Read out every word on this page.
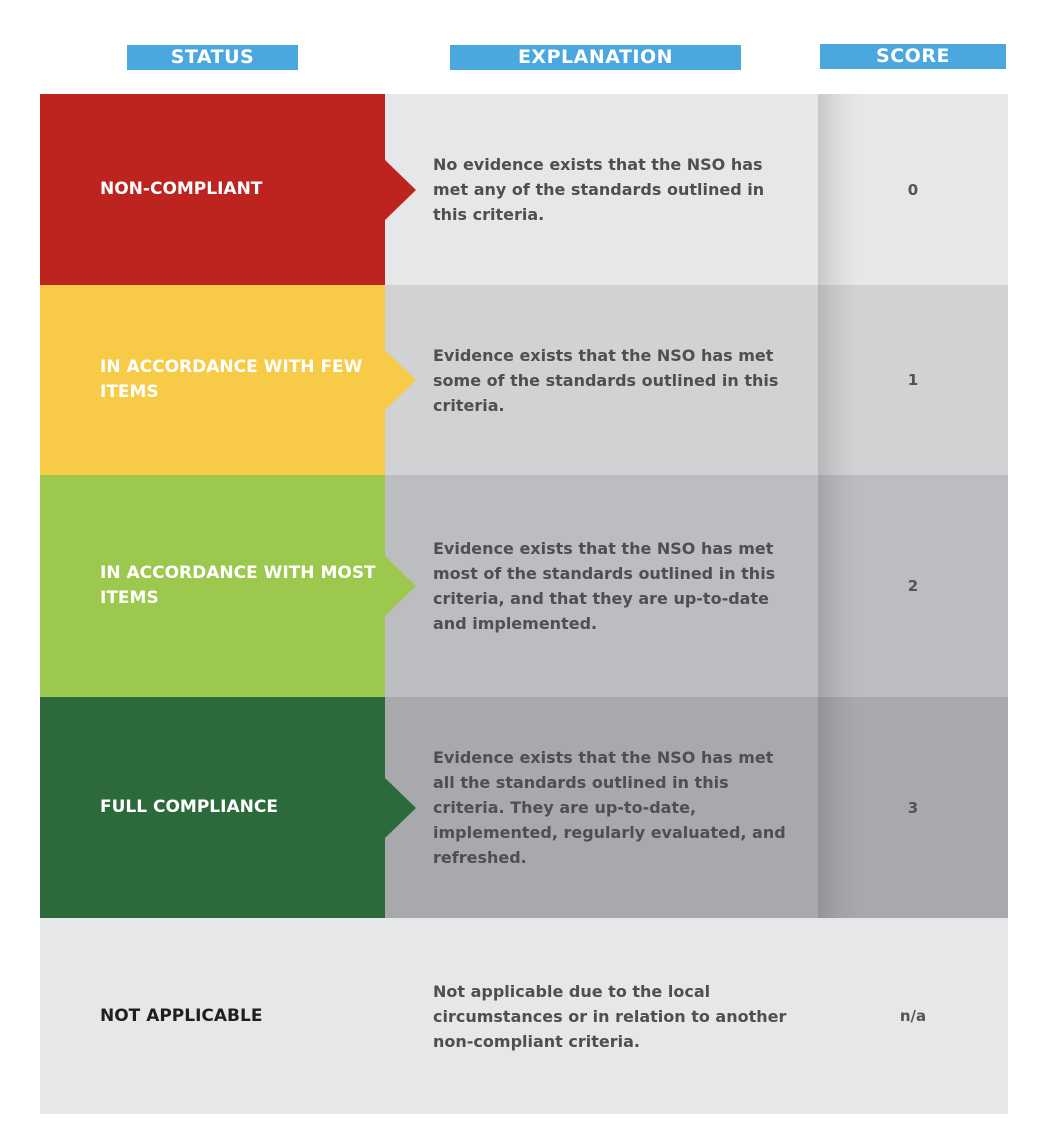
STATUS	EXPLANATION	SCORE
No evidence exists that the NSO has met any of the standards outlined in this criteria.
0
NON-COMPLIANT
Evidence exists that the NSO has met some of the standards outlined in this criteria.
1
IN ACCORDANCE WITH FEW ITEMS
Evidence exists that the NSO has met most of the standards outlined in this criteria, and that they are up-to-date and implemented.
2
IN ACCORDANCE WITH MOST ITEMS
Evidence exists that the NSO has met all the standards outlined in this criteria. They are up-to-date, implemented, regularly evaluated, and refreshed.
3
FULL COMPLIANCE
Not applicable due to the local circumstances or in relation to another non-compliant criteria.
n/a
NOT APPLICABLE
